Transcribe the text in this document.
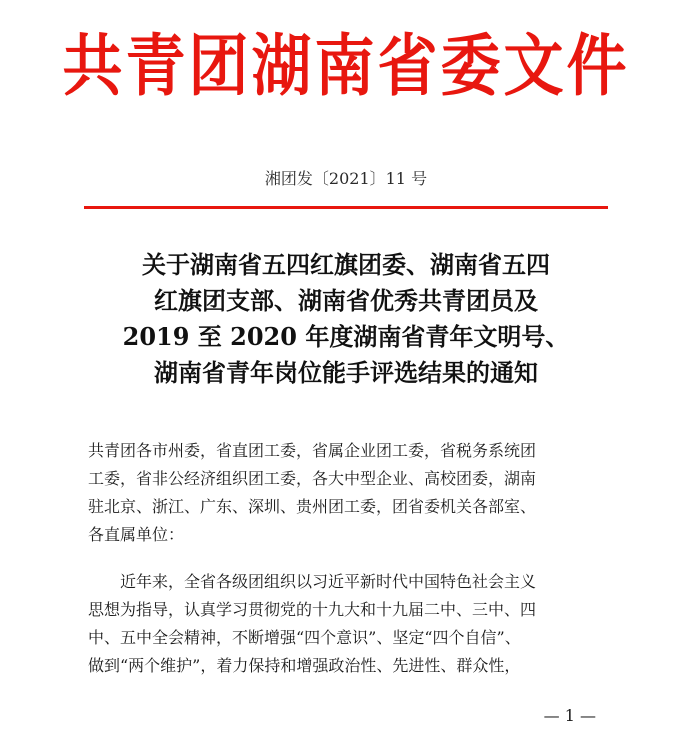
共青团湖南省委文件
湘团发〔2021〕11 号
关于湖南省五四红旗团委、湖南省五四
红旗团支部、湖南省优秀共青团员及
2019 至 2020 年度湖南省青年文明号、
湖南省青年岗位能手评选结果的通知
共青团各市州委，省直团工委，省属企业团工委，省税务系统团
工委，省非公经济组织团工委，各大中型企业、高校团委，湖南
驻北京、浙江、广东、深圳、贵州团工委，团省委机关各部室、
各直属单位：
近年来，全省各级团组织以习近平新时代中国特色社会主义
思想为指导，认真学习贯彻党的十九大和十九届二中、三中、四
中、五中全会精神，不断增强“四个意识”、坚定“四个自信”、
做到“两个维护”，着力保持和增强政治性、先进性、群众性，
— 1 —
